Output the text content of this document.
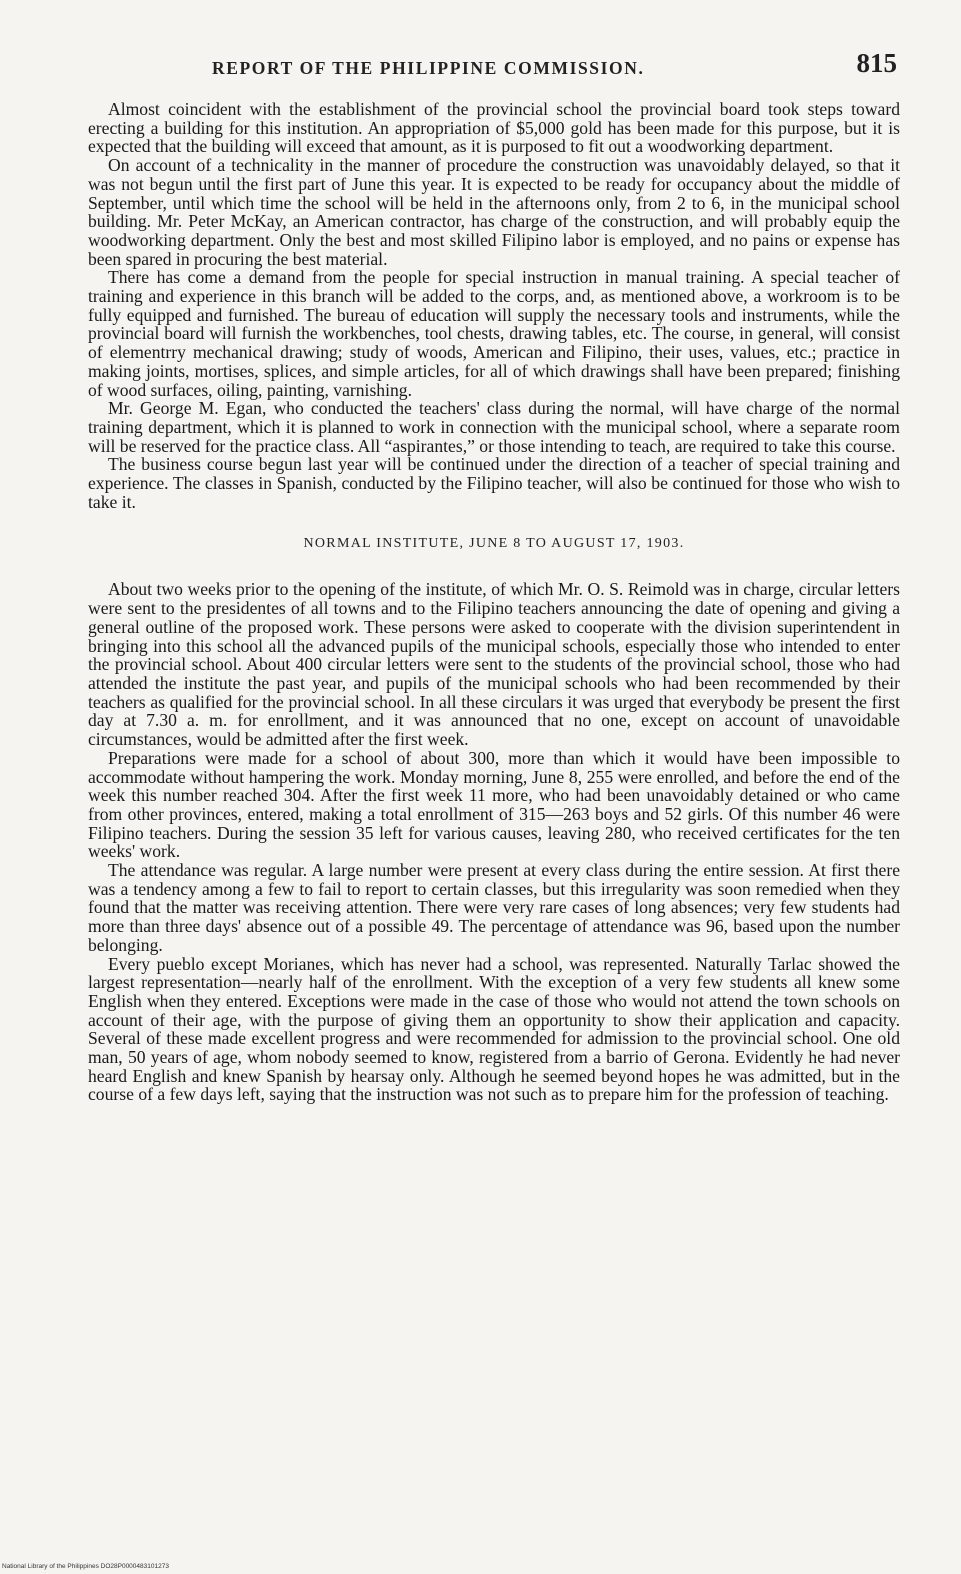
REPORT OF THE PHILIPPINE COMMISSION.	815

Almost coincident with the establishment of the provincial school the provincial board took steps toward erecting a building for this institution. An appropriation of $5,000 gold has been made for this purpose, but it is expected that the building will exceed that amount, as it is purposed to fit out a woodworking department.

On account of a technicality in the manner of procedure the construction was unavoidably delayed, so that it was not begun until the first part of June this year. It is expected to be ready for occupancy about the middle of September, until which time the school will be held in the afternoons only, from 2 to 6, in the municipal school building. Mr. Peter McKay, an American contractor, has charge of the construction, and will probably equip the woodworking department. Only the best and most skilled Filipino labor is employed, and no pains or expense has been spared in procuring the best material.

There has come a demand from the people for special instruction in manual training. A special teacher of training and experience in this branch will be added to the corps, and, as mentioned above, a workroom is to be fully equipped and furnished. The bureau of education will supply the necessary tools and instruments, while the provincial board will furnish the workbenches, tool chests, drawing tables, etc. The course, in general, will consist of elementrry mechanical drawing; study of woods, American and Filipino, their uses, values, etc.; practice in making joints, mortises, splices, and simple articles, for all of which drawings shall have been prepared; finishing of wood surfaces, oiling, painting, varnishing.

Mr. George M. Egan, who conducted the teachers' class during the normal, will have charge of the normal training department, which it is planned to work in connection with the municipal school, where a separate room will be reserved for the practice class. All “aspirantes,” or those intending to teach, are required to take this course.

The business course begun last year will be continued under the direction of a teacher of special training and experience. The classes in Spanish, conducted by the Filipino teacher, will also be continued for those who wish to take it.

NORMAL INSTITUTE, JUNE 8 TO AUGUST 17, 1903.

About two weeks prior to the opening of the institute, of which Mr. O. S. Reimold was in charge, circular letters were sent to the presidentes of all towns and to the Filipino teachers announcing the date of opening and giving a general outline of the proposed work. These persons were asked to cooperate with the division superintendent in bringing into this school all the advanced pupils of the municipal schools, especially those who intended to enter the provincial school. About 400 circular letters were sent to the students of the provincial school, those who had attended the institute the past year, and pupils of the municipal schools who had been recommended by their teachers as qualified for the provincial school. In all these circulars it was urged that everybody be present the first day at 7.30 a. m. for enrollment, and it was announced that no one, except on account of unavoidable circumstances, would be admitted after the first week.

Preparations were made for a school of about 300, more than which it would have been impossible to accommodate without hampering the work. Monday morning, June 8, 255 were enrolled, and before the end of the week this number reached 304. After the first week 11 more, who had been unavoidably detained or who came from other provinces, entered, making a total enrollment of 315—263 boys and 52 girls. Of this number 46 were Filipino teachers. During the session 35 left for various causes, leaving 280, who received certificates for the ten weeks' work.

The attendance was regular. A large number were present at every class during the entire session. At first there was a tendency among a few to fail to report to certain classes, but this irregularity was soon remedied when they found that the matter was receiving attention. There were very rare cases of long absences; very few students had more than three days' absence out of a possible 49. The percentage of attendance was 96, based upon the number belonging.

Every pueblo except Morianes, which has never had a school, was represented. Naturally Tarlac showed the largest representation—nearly half of the enrollment. With the exception of a very few students all knew some English when they entered. Exceptions were made in the case of those who would not attend the town schools on account of their age, with the purpose of giving them an opportunity to show their application and capacity. Several of these made excellent progress and were recommended for admission to the provincial school. One old man, 50 years of age, whom nobody seemed to know, registered from a barrio of Gerona. Evidently he had never heard English and knew Spanish by hearsay only. Although he seemed beyond hopes he was admitted, but in the course of a few days left, saying that the instruction was not such as to prepare him for the profession of teaching.

National Library of the Philippines DO28P0000483101273
